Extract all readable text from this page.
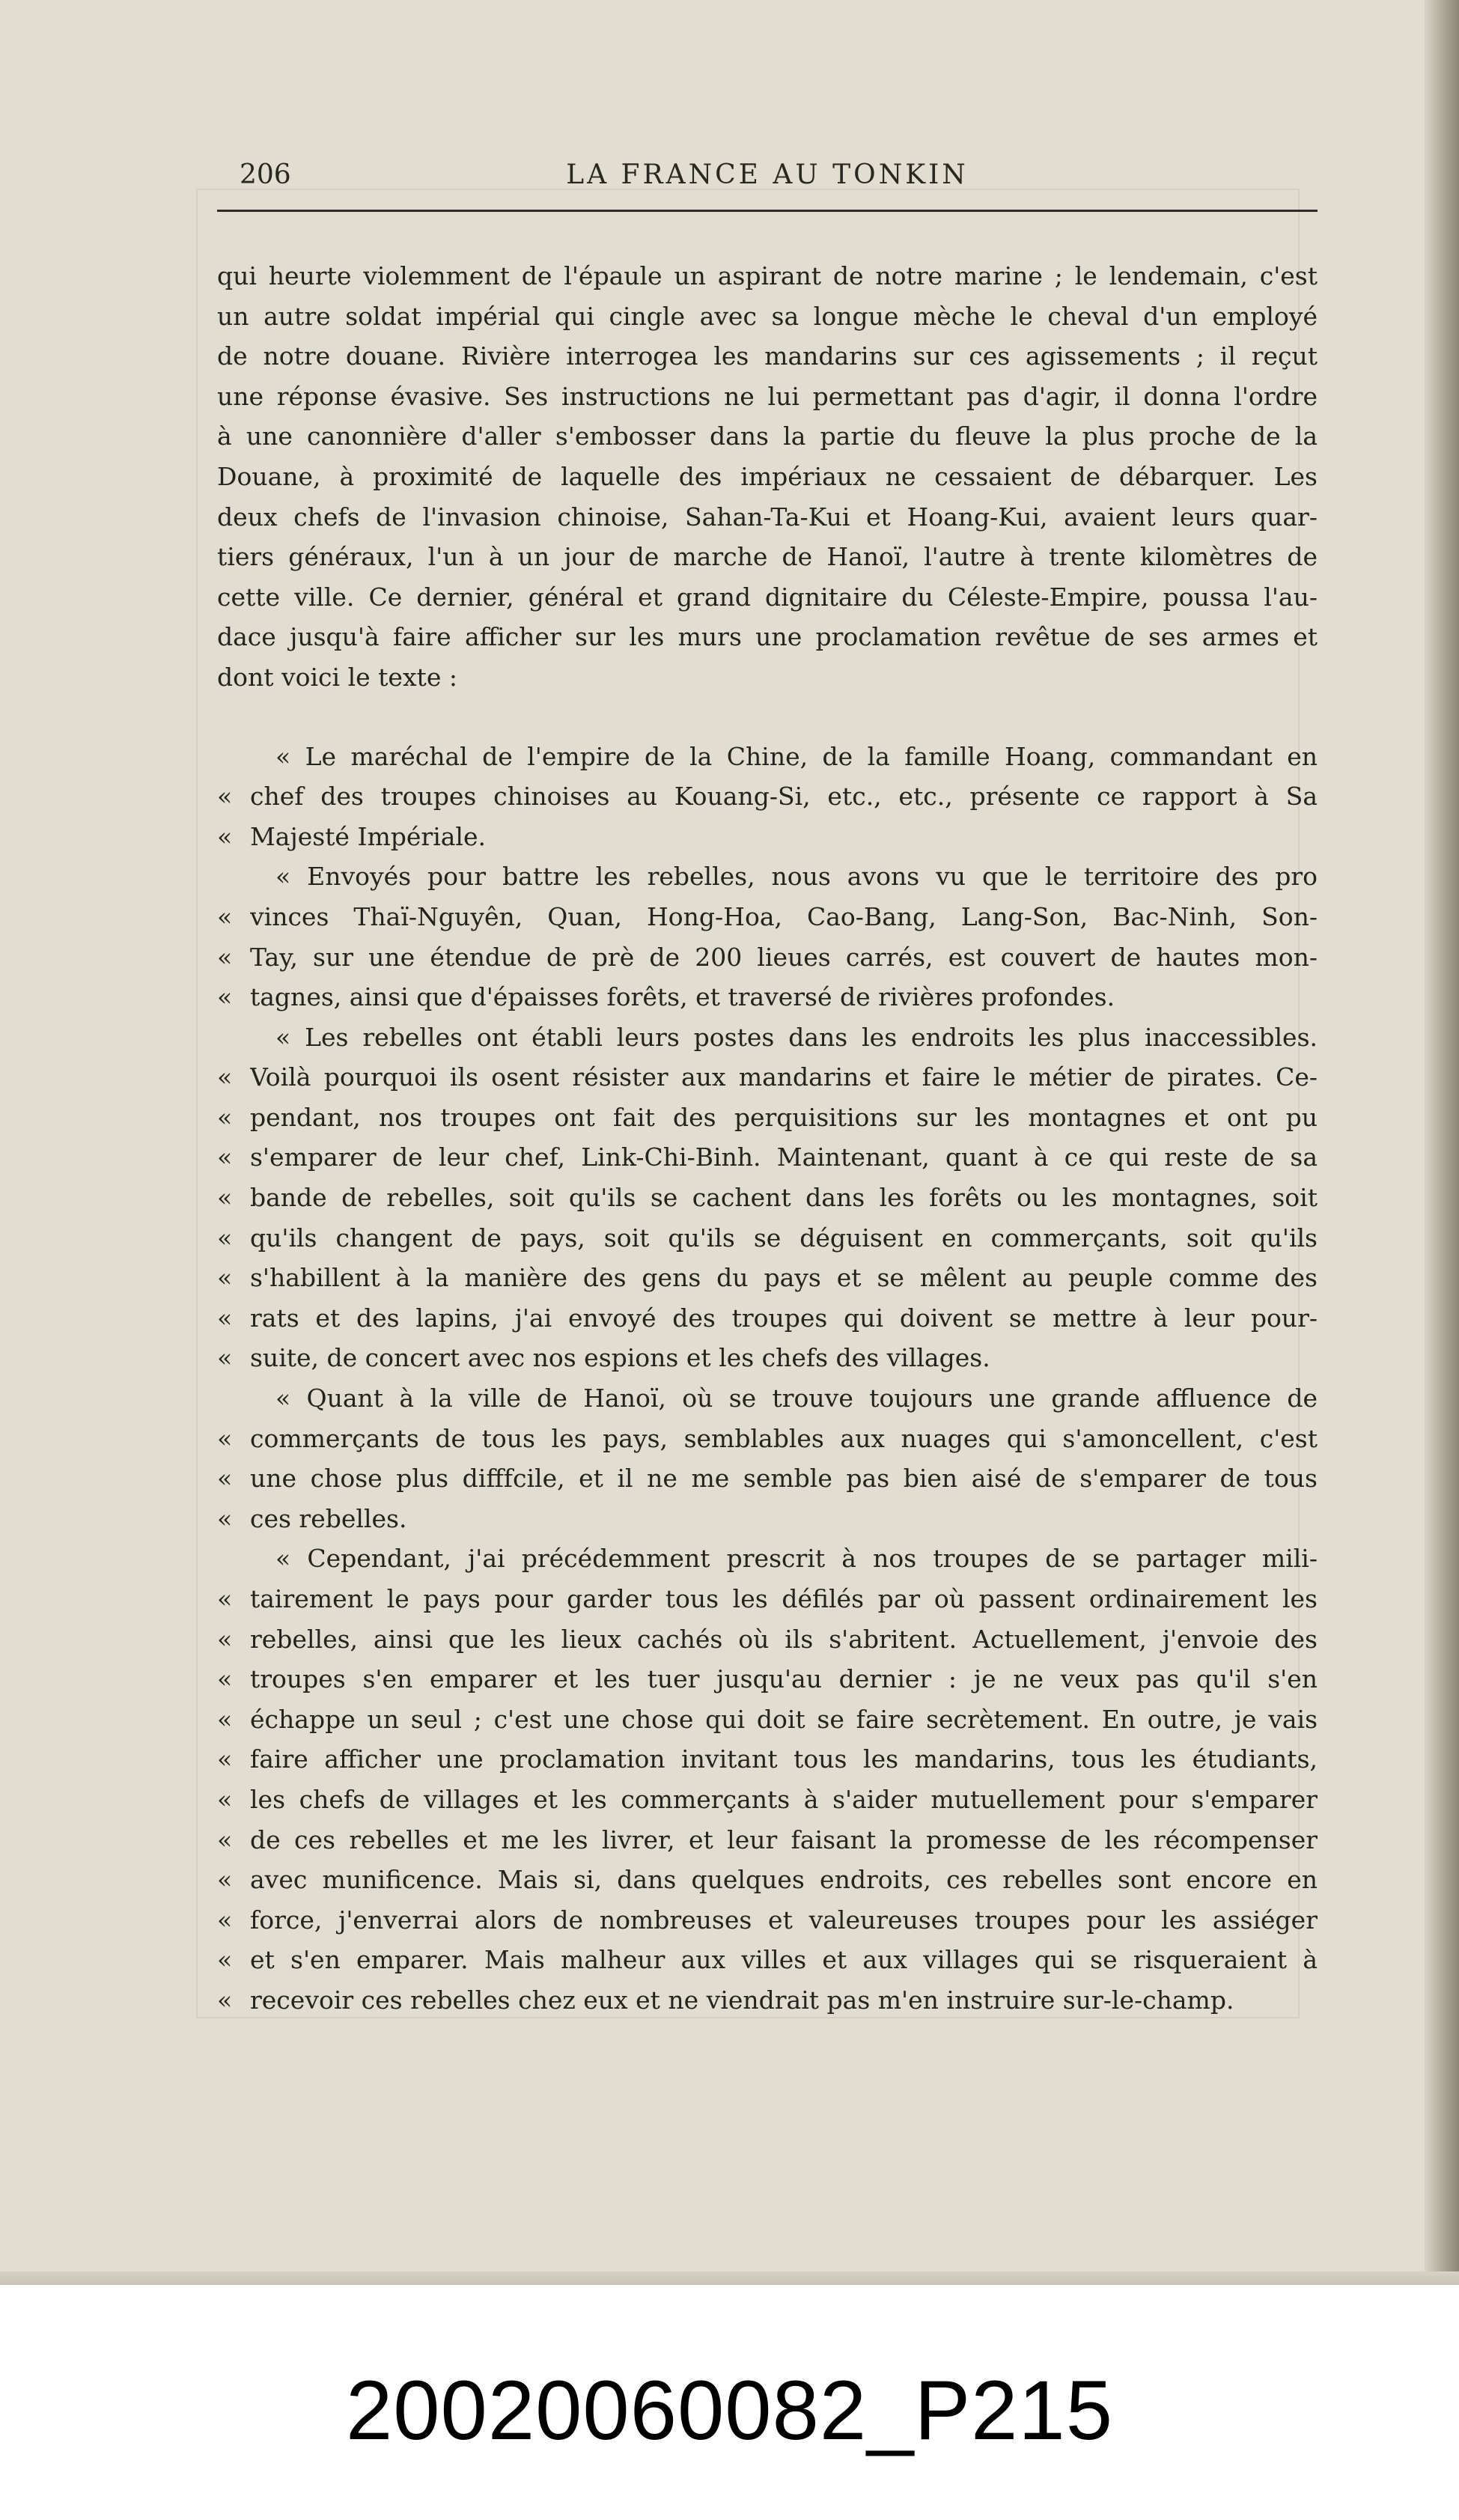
206	LA FRANCE AU TONKIN
qui heurte violemment de l'épaule un aspirant de notre marine ; le lendemain, c'est
un autre soldat impérial qui cingle avec sa longue mèche le cheval d'un employé
de notre douane. Rivière interrogea les mandarins sur ces agissements ; il reçut
une réponse évasive. Ses instructions ne lui permettant pas d'agir, il donna l'ordre
à une canonnière d'aller s'embosser dans la partie du fleuve la plus proche de la
Douane, à proximité de laquelle des impériaux ne cessaient de débarquer. Les
deux chefs de l'invasion chinoise, Sahan-Ta-Kui et Hoang-Kui, avaient leurs quar-
tiers généraux, l'un à un jour de marche de Hanoï, l'autre à trente kilomètres de
cette ville. Ce dernier, général et grand dignitaire du Céleste-Empire, poussa l'au-
dace jusqu'à faire afficher sur les murs une proclamation revêtue de ses armes et
dont voici le texte :
« Le maréchal de l'empire de la Chine, de la famille Hoang, commandant en
« chef des troupes chinoises au Kouang-Si, etc., etc., présente ce rapport à Sa
« Majesté Impériale.
« Envoyés pour battre les rebelles, nous avons vu que le territoire des pro
« vinces Thaï-Nguyên, Quan, Hong-Hoa, Cao-Bang, Lang-Son, Bac-Ninh, Son-
« Tay, sur une étendue de prè de 200 lieues carrés, est couvert de hautes mon-
« tagnes, ainsi que d'épaisses forêts, et traversé de rivières profondes.
« Les rebelles ont établi leurs postes dans les endroits les plus inaccessibles.
« Voilà pourquoi ils osent résister aux mandarins et faire le métier de pirates. Ce-
« pendant, nos troupes ont fait des perquisitions sur les montagnes et ont pu
« s'emparer de leur chef, Link-Chi-Binh. Maintenant, quant à ce qui reste de sa
« bande de rebelles, soit qu'ils se cachent dans les forêts ou les montagnes, soit
« qu'ils changent de pays, soit qu'ils se déguisent en commerçants, soit qu'ils
« s'habillent à la manière des gens du pays et se mêlent au peuple comme des
« rats et des lapins, j'ai envoyé des troupes qui doivent se mettre à leur pour-
« suite, de concert avec nos espions et les chefs des villages.
« Quant à la ville de Hanoï, où se trouve toujours une grande affluence de
« commerçants de tous les pays, semblables aux nuages qui s'amoncellent, c'est
« une chose plus difffcile, et il ne me semble pas bien aisé de s'emparer de tous
« ces rebelles.
« Cependant, j'ai précédemment prescrit à nos troupes de se partager mili-
« tairement le pays pour garder tous les défilés par où passent ordinairement les
« rebelles, ainsi que les lieux cachés où ils s'abritent. Actuellement, j'envoie des
« troupes s'en emparer et les tuer jusqu'au dernier : je ne veux pas qu'il s'en
« échappe un seul ; c'est une chose qui doit se faire secrètement. En outre, je vais
« faire afficher une proclamation invitant tous les mandarins, tous les étudiants,
« les chefs de villages et les commerçants à s'aider mutuellement pour s'emparer
« de ces rebelles et me les livrer, et leur faisant la promesse de les récompenser
« avec munificence. Mais si, dans quelques endroits, ces rebelles sont encore en
« force, j'enverrai alors de nombreuses et valeureuses troupes pour les assiéger
« et s'en emparer. Mais malheur aux villes et aux villages qui se risqueraient à
« recevoir ces rebelles chez eux et ne viendrait pas m'en instruire sur-le-champ.
20020060082_P215
